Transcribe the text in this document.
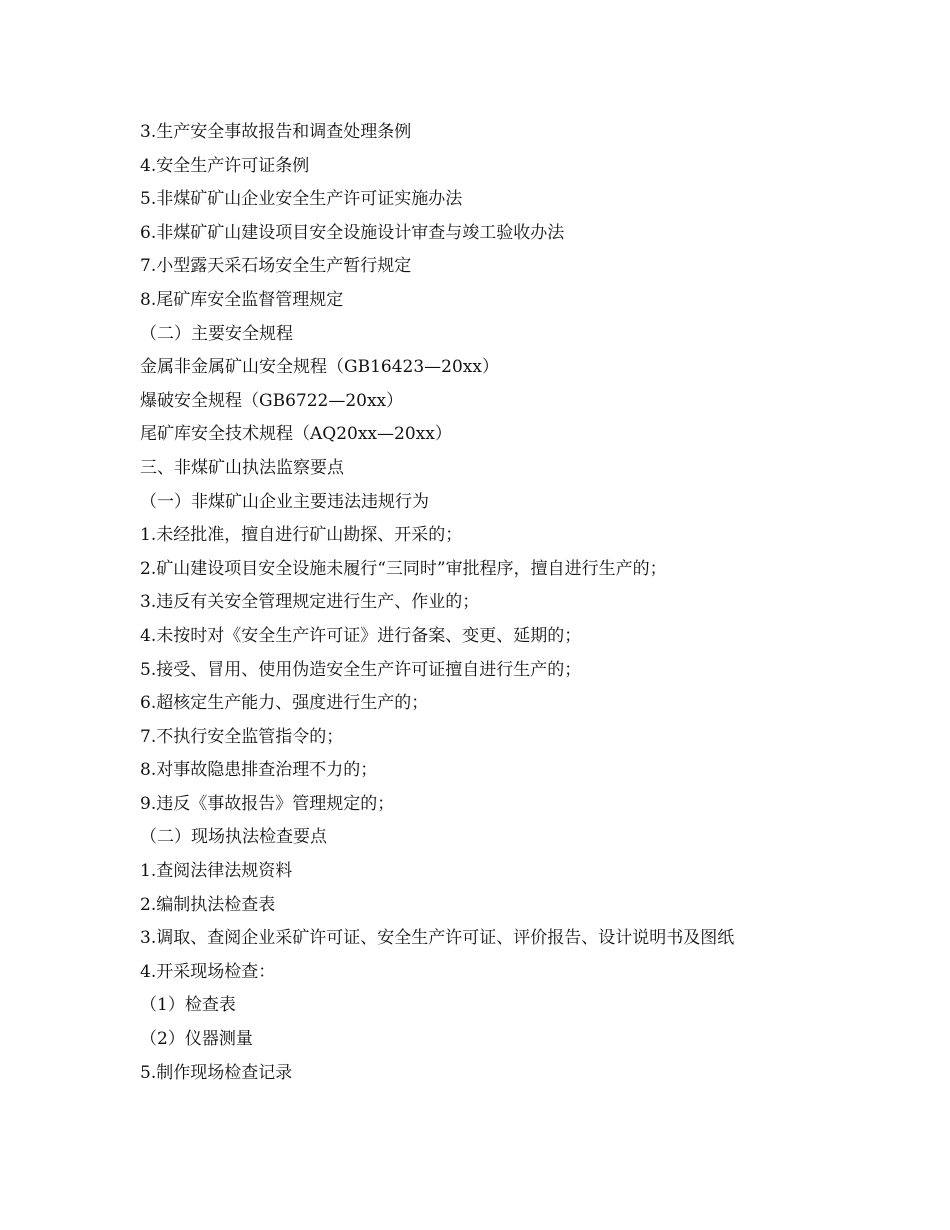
3.生产安全事故报告和调查处理条例
4.安全生产许可证条例
5.非煤矿矿山企业安全生产许可证实施办法
6.非煤矿矿山建设项目安全设施设计审查与竣工验收办法
7.小型露天采石场安全生产暂行规定
8.尾矿库安全监督管理规定
（二）主要安全规程
金属非金属矿山安全规程（GB16423—20xx）
爆破安全规程（GB6722—20xx）
尾矿库安全技术规程（AQ20xx—20xx）
三、非煤矿山执法监察要点
（一）非煤矿山企业主要违法违规行为
1.未经批准，擅自进行矿山勘探、开采的；
2.矿山建设项目安全设施未履行“三同时”审批程序，擅自进行生产的；
3.违反有关安全管理规定进行生产、作业的；
4.未按时对《安全生产许可证》进行备案、变更、延期的；
5.接受、冒用、使用伪造安全生产许可证擅自进行生产的；
6.超核定生产能力、强度进行生产的；
7.不执行安全监管指令的；
8.对事故隐患排查治理不力的；
9.违反《事故报告》管理规定的；
（二）现场执法检查要点
1.查阅法律法规资料
2.编制执法检查表
3.调取、查阅企业采矿许可证、安全生产许可证、评价报告、设计说明书及图纸
4.开采现场检查：
（1）检查表
（2）仪器测量
5.制作现场检查记录
